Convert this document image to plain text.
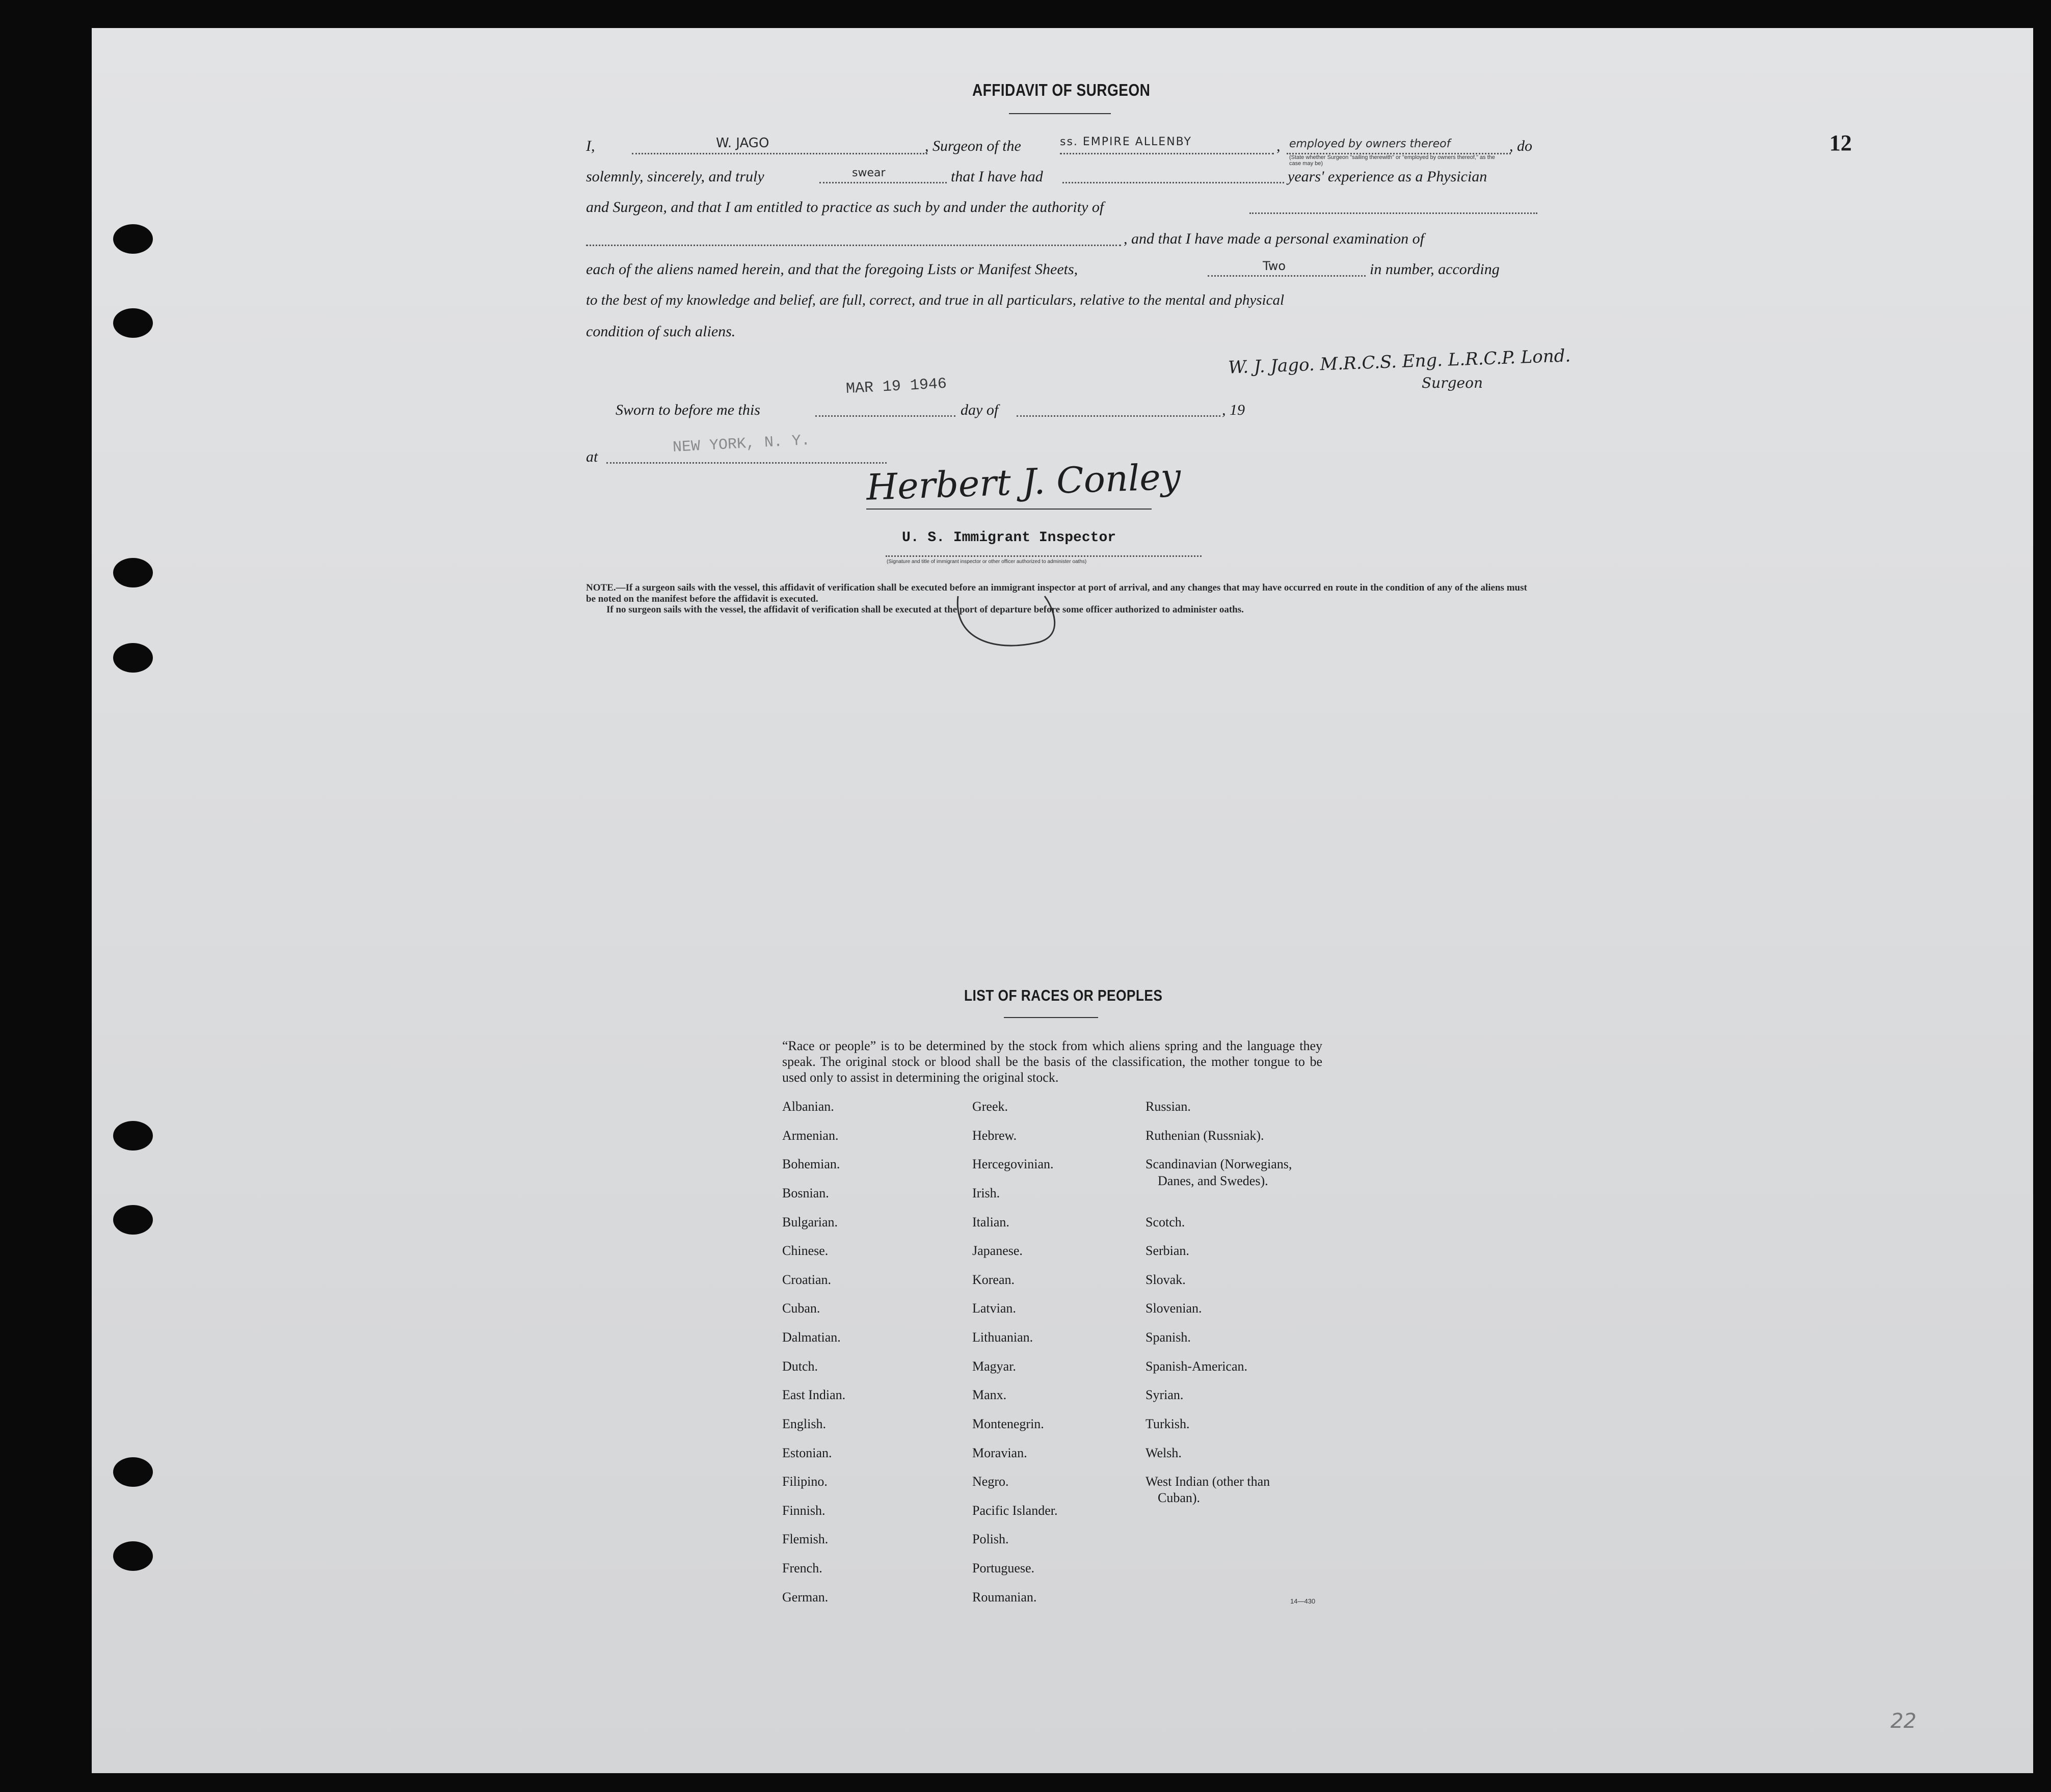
12
AFFIDAVIT OF SURGEON
I,	W. JAGO	, Surgeon of the	ss. EMPIRE ALLENBY	, employed by owners thereof	, do
(State whether Surgeon "sailing therewith" or "employed by owners thereof," as the case may be)
solemnly, sincerely, and truly	swear	that I have had	years' experience as a Physician
and Surgeon, and that I am entitled to practice as such by and under the authority of
, and that I have made a personal examination of
each of the aliens named herein, and that the foregoing Lists or Manifest Sheets,	Two	in number, according
to the best of my knowledge and belief, are full, correct, and true in all particulars, relative to the mental and physical
condition of such aliens.
W. J. Jago. M.R.C.S. Eng. L.R.C.P. Lond.
Surgeon
Sworn to before me this
MAR 19 1946
day of	, 19
at
NEW YORK, N. Y.
Herbert J. Conley
U. S. Immigrant Inspector
(Signature and title of immigrant inspector or other officer authorized to administer oaths)
NOTE.—If a surgeon sails with the vessel, this affidavit of verification shall be executed before an immigrant inspector at port of arrival, and any changes that may have occurred en route in the condition of any of the aliens must be noted on the manifest before the affidavit is executed.
If no surgeon sails with the vessel, the affidavit of verification shall be executed at the port of departure before some officer authorized to administer oaths.
LIST OF RACES OR PEOPLES
“Race or people” is to be determined by the stock from which aliens spring and the language they speak. The original stock or blood shall be the basis of the classification, the mother tongue to be used only to assist in determining the original stock.
Albanian.
Armenian.
Bohemian.
Bosnian.
Bulgarian.
Chinese.
Croatian.
Cuban.
Dalmatian.
Dutch.
East Indian.
English.
Estonian.
Filipino.
Finnish.
Flemish.
French.
German.
Greek.
Hebrew.
Hercegovinian.
Irish.
Italian.
Japanese.
Korean.
Latvian.
Lithuanian.
Magyar.
Manx.
Montenegrin.
Moravian.
Negro.
Pacific Islander.
Polish.
Portuguese.
Roumanian.
Russian.
Ruthenian (Russniak).
Scandinavian (Norwegians,
Danes, and Swedes).
Scotch.
Serbian.
Slovak.
Slovenian.
Spanish.
Spanish-American.
Syrian.
Turkish.
Welsh.
West Indian (other than
Cuban).
14—430
22
